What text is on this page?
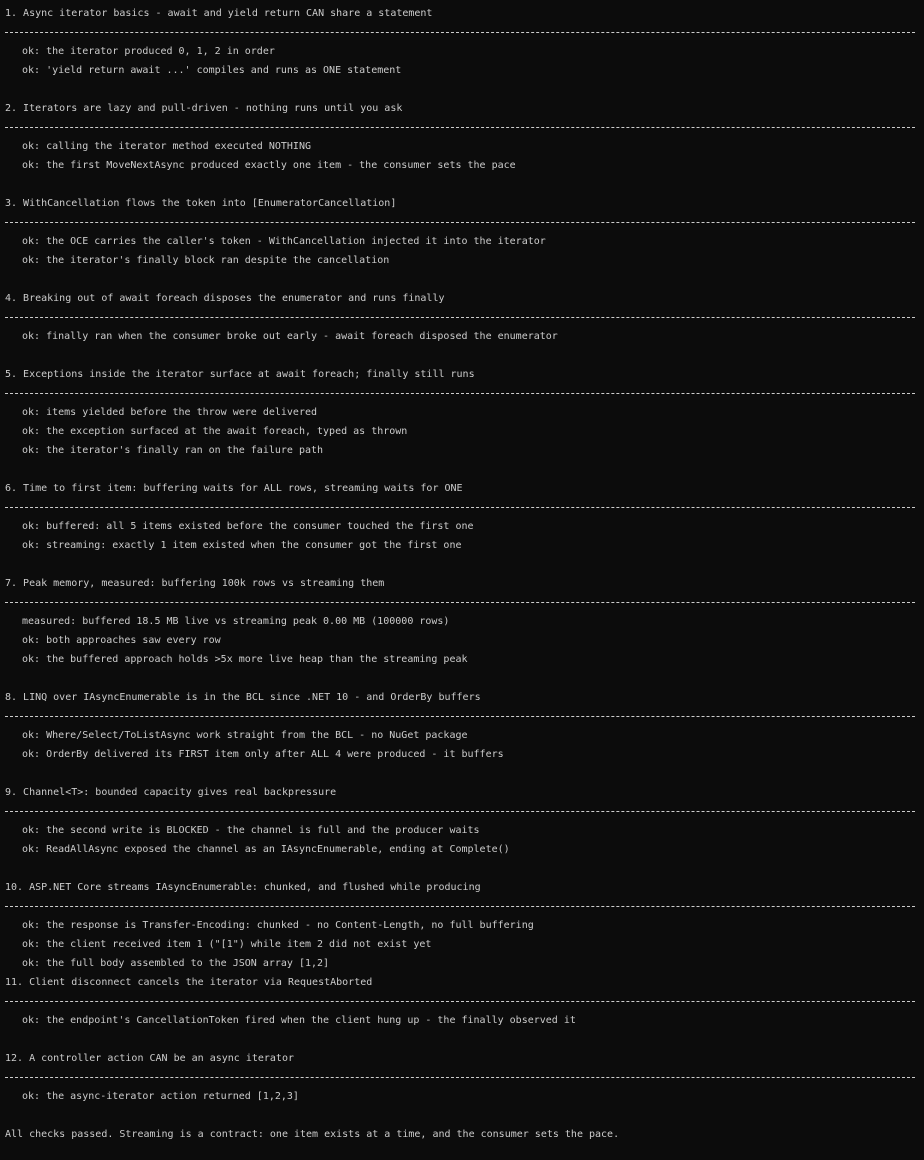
1. Async iterator basics - await and yield return CAN share a statement
ok: the iterator produced 0, 1, 2 in order
ok: 'yield return await ...' compiles and runs as ONE statement
2. Iterators are lazy and pull-driven - nothing runs until you ask
ok: calling the iterator method executed NOTHING
ok: the first MoveNextAsync produced exactly one item - the consumer sets the pace
3. WithCancellation flows the token into [EnumeratorCancellation]
ok: the OCE carries the caller's token - WithCancellation injected it into the iterator
ok: the iterator's finally block ran despite the cancellation
4. Breaking out of await foreach disposes the enumerator and runs finally
ok: finally ran when the consumer broke out early - await foreach disposed the enumerator
5. Exceptions inside the iterator surface at await foreach; finally still runs
ok: items yielded before the throw were delivered
ok: the exception surfaced at the await foreach, typed as thrown
ok: the iterator's finally ran on the failure path
6. Time to first item: buffering waits for ALL rows, streaming waits for ONE
ok: buffered: all 5 items existed before the consumer touched the first one
ok: streaming: exactly 1 item existed when the consumer got the first one
7. Peak memory, measured: buffering 100k rows vs streaming them
measured: buffered 18.5 MB live vs streaming peak 0.00 MB (100000 rows)
ok: both approaches saw every row
ok: the buffered approach holds >5x more live heap than the streaming peak
8. LINQ over IAsyncEnumerable is in the BCL since .NET 10 - and OrderBy buffers
ok: Where/Select/ToListAsync work straight from the BCL - no NuGet package
ok: OrderBy delivered its FIRST item only after ALL 4 were produced - it buffers
9. Channel<T>: bounded capacity gives real backpressure
ok: the second write is BLOCKED - the channel is full and the producer waits
ok: ReadAllAsync exposed the channel as an IAsyncEnumerable, ending at Complete()
10. ASP.NET Core streams IAsyncEnumerable: chunked, and flushed while producing
ok: the response is Transfer-Encoding: chunked - no Content-Length, no full buffering
ok: the client received item 1 ("[1") while item 2 did not exist yet
ok: the full body assembled to the JSON array [1,2]
11. Client disconnect cancels the iterator via RequestAborted
ok: the endpoint's CancellationToken fired when the client hung up - the finally observed it
12. A controller action CAN be an async iterator
ok: the async-iterator action returned [1,2,3]
All checks passed. Streaming is a contract: one item exists at a time, and the consumer sets the pace.
